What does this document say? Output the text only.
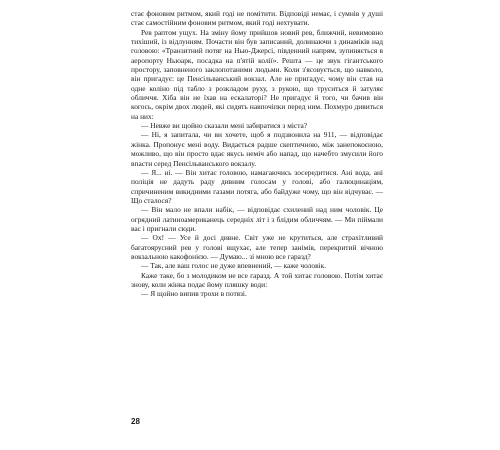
стає фоновим ритмом, який годі не помітити. Відповіді немає, і сумнів у душі стає самостійним фоновим ритмом, який годі нехтувати.

Рев раптом ущух. На зміну йому прийшов новий рев, ближчий, невимовно тихіший, із відлунням. Почасти він був записаний, долинаючи з динаміків над головою: «Транзитний потяг на Нью-Джерсі, південний напрям, зупиняється в аеропорту Ньюарк, посадка на п'ятій колії». Решта — це звук гігантського простору, заповненого заклопотаними людьми. Коли з'ясовується, що навколо, він пригадує: це Пенсільванський вокзал. Але не пригадує, чому він став на одне коліно під табло з розкладом руху, з рукою, що труситься й затуляє обличчя. Хіба він не їхав на ескалаторі? Не пригадує й того, чи бачив він когось, окрім двох людей, які сидять навпочіпки перед ним. Похмуро дивиться на них:

— Невже ви щойно сказали мені забиратися з міста?

— Ні, я запитала, чи ви хочете, щоб я подзвонила на 911, — відповідає жінка. Пропонує мені воду. Видається радше скептичною, між занепокоєною, можливо, що він просто вдає якусь неміч або напад, що начебто змусили його впасти серед Пенсільванського вокзалу.

— Я... ні. — Він хитає головою, намагаючись зосередитися. Ані вода, ані поліція не дадуть раду дивним голосам у голові, або галюцинаціям, спричиненим викидними газами потяга, або байдуже чому, що він відчуває. — Що сталося?

— Він мало не впали набік, — відповідає схилений над ним чоловік. Це огрядний латиноамериканець середніх літ і з блідим обличчям. — Ми піймали вас і пригнали сюди.

— Ох! — Усе й досі дивне. Світ уже не крутиться, але страхітливий багатоярусний рев у голові вщухає, але тепер занімів, перекритий вічною вокзальною какофонією. — Думаю... зі мною все гаразд?

— Так, але ваш голос не дуже впевнений, — каже чоловік.

Каже таке, бо з молодиком не все гаразд. А той хитає головою. Потім хитає знову, коли жінка подає йому пляшку води:

— Я щойно випив трохи в потязі.

28
